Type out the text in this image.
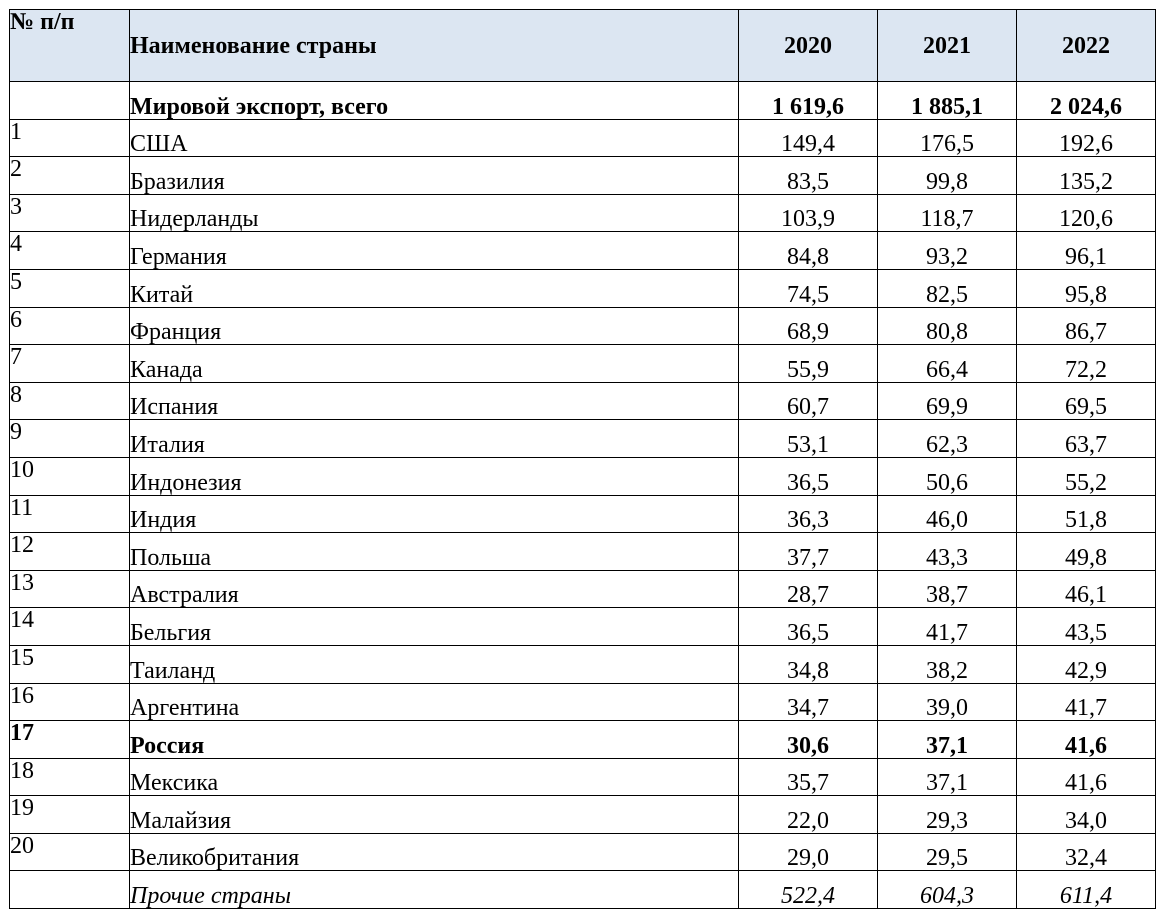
№ п/п	Наименование страны	2020	2021	2022
	Мировой экспорт, всего	1 619,6	1 885,1	2 024,6
1	США	149,4	176,5	192,6
2	Бразилия	83,5	99,8	135,2
3	Нидерланды	103,9	118,7	120,6
4	Германия	84,8	93,2	96,1
5	Китай	74,5	82,5	95,8
6	Франция	68,9	80,8	86,7
7	Канада	55,9	66,4	72,2
8	Испания	60,7	69,9	69,5
9	Италия	53,1	62,3	63,7
10	Индонезия	36,5	50,6	55,2
11	Индия	36,3	46,0	51,8
12	Польша	37,7	43,3	49,8
13	Австралия	28,7	38,7	46,1
14	Бельгия	36,5	41,7	43,5
15	Таиланд	34,8	38,2	42,9
16	Аргентина	34,7	39,0	41,7
17	Россия	30,6	37,1	41,6
18	Мексика	35,7	37,1	41,6
19	Малайзия	22,0	29,3	34,0
20	Великобритания	29,0	29,5	32,4
	Прочие страны	522,4	604,3	611,4
